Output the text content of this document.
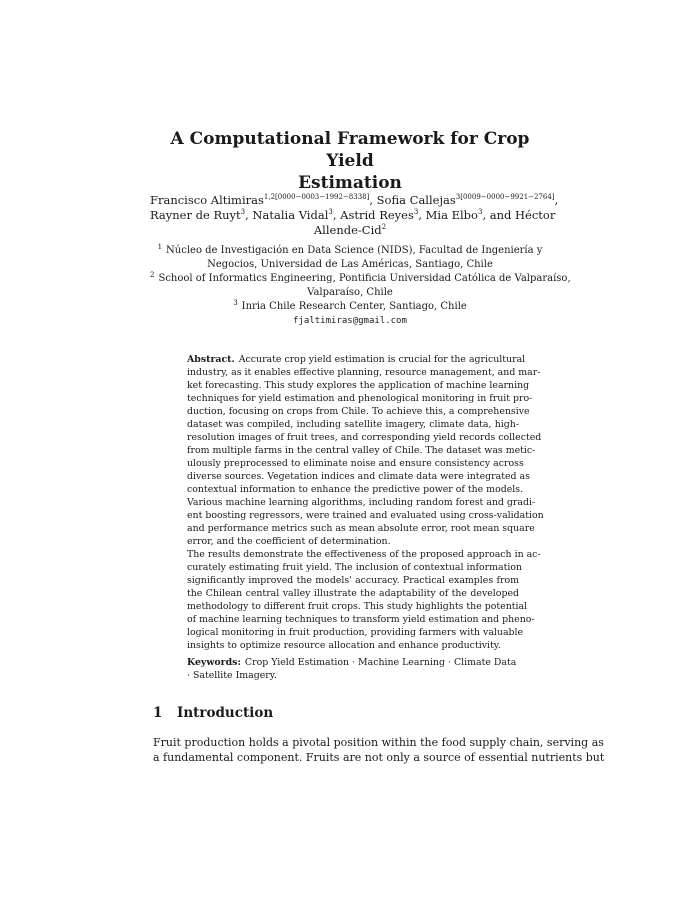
A Computational Framework for Crop Yield
Estimation
Francisco Altimiras$^{1,2[0000-0003-1992-8338]}$, Sofia Callejas$^{3[0009-0000-9921-2764]}$,
Rayner de Ruyt$^3$, Natalia Vidal$^3$, Astrid Reyes$^3$, Mia Elbo$^3$, and Héctor
Allende-Cid$^2$
$^1$ Núcleo de Investigación en Data Science (NIDS), Facultad de Ingeniería y
Negocios, Universidad de Las Américas, Santiago, Chile
$^2$ School of Informatics Engineering, Pontificia Universidad Católica de Valparaíso,
Valparaíso, Chile
$^3$ Inria Chile Research Center, Santiago, Chile
fjaltimiras@gmail.com
Abstract. Accurate crop yield estimation is crucial for the agricultural
industry, as it enables effective planning, resource management, and mar-
ket forecasting. This study explores the application of machine learning
techniques for yield estimation and phenological monitoring in fruit pro-
duction, focusing on crops from Chile. To achieve this, a comprehensive
dataset was compiled, including satellite imagery, climate data, high-
resolution images of fruit trees, and corresponding yield records collected
from multiple farms in the central valley of Chile. The dataset was metic-
ulously preprocessed to eliminate noise and ensure consistency across
diverse sources. Vegetation indices and climate data were integrated as
contextual information to enhance the predictive power of the models.
Various machine learning algorithms, including random forest and gradi-
ent boosting regressors, were trained and evaluated using cross-validation
and performance metrics such as mean absolute error, root mean square
error, and the coefficient of determination.
The results demonstrate the effectiveness of the proposed approach in ac-
curately estimating fruit yield. The inclusion of contextual information
significantly improved the models' accuracy. Practical examples from
the Chilean central valley illustrate the adaptability of the developed
methodology to different fruit crops. This study highlights the potential
of machine learning techniques to transform yield estimation and pheno-
logical monitoring in fruit production, providing farmers with valuable
insights to optimize resource allocation and enhance productivity.
Keywords: Crop Yield Estimation · Machine Learning · Climate Data
· Satellite Imagery.
1 Introduction
Fruit production holds a pivotal position within the food supply chain, serving as
a fundamental component. Fruits are not only a source of essential nutrients but
